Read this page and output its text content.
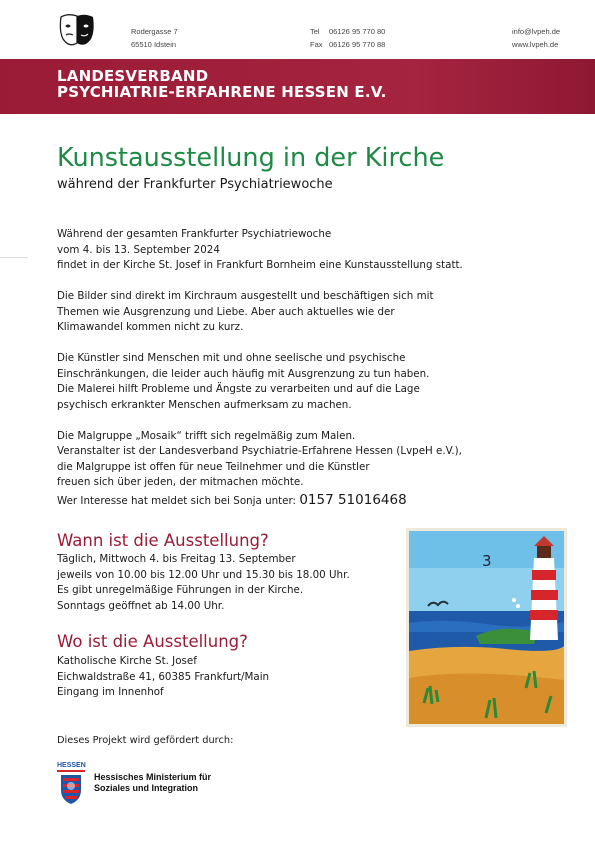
Rodergasse 7
65510 Idstein
Tel 06126 95 770 80
Fax 06126 95 770 88
info@lvpeh.de
www.lvpeh.de
LANDESVERBAND
PSYCHIATRIE-ERFAHRENE HESSEN E.V.
Kunstausstellung in der Kirche
während der Frankfurter Psychiatriewoche
Während der gesamten Frankfurter Psychiatriewoche
vom 4. bis 13. September 2024
findet in der Kirche St. Josef in Frankfurt Bornheim eine Kunstausstellung statt.
Die Bilder sind direkt im Kirchraum ausgestellt und beschäftigen sich mit
Themen wie Ausgrenzung und Liebe. Aber auch aktuelles wie der
Klimawandel kommen nicht zu kurz.
Die Künstler sind Menschen mit und ohne seelische und psychische
Einschränkungen, die leider auch häufig mit Ausgrenzung zu tun haben.
Die Malerei hilft Probleme und Ängste zu verarbeiten und auf die Lage
psychisch erkrankter Menschen aufmerksam zu machen.
Die Malgruppe „Mosaik“ trifft sich regelmäßig zum Malen.
Veranstalter ist der Landesverband Psychiatrie-Erfahrene Hessen (LvpeH e.V.),
die Malgruppe ist offen für neue Teilnehmer und die Künstler
freuen sich über jeden, der mitmachen möchte.
Wer Interesse hat meldet sich bei Sonja unter: 0157 51016468
Wann ist die Ausstellung?
Täglich, Mittwoch 4. bis Freitag 13. September
jeweils von 10.00 bis 12.00 Uhr und 15.30 bis 18.00 Uhr.
Es gibt unregelmäßige Führungen in der Kirche.
Sonntags geöffnet ab 14.00 Uhr.
Wo ist die Ausstellung?
Katholische Kirche St. Josef
Eichwaldstraße 41, 60385 Frankfurt/Main
Eingang im Innenhof
3
Dieses Projekt wird gefördert durch:
HESSEN
Hessisches Ministerium für
Soziales und Integration
